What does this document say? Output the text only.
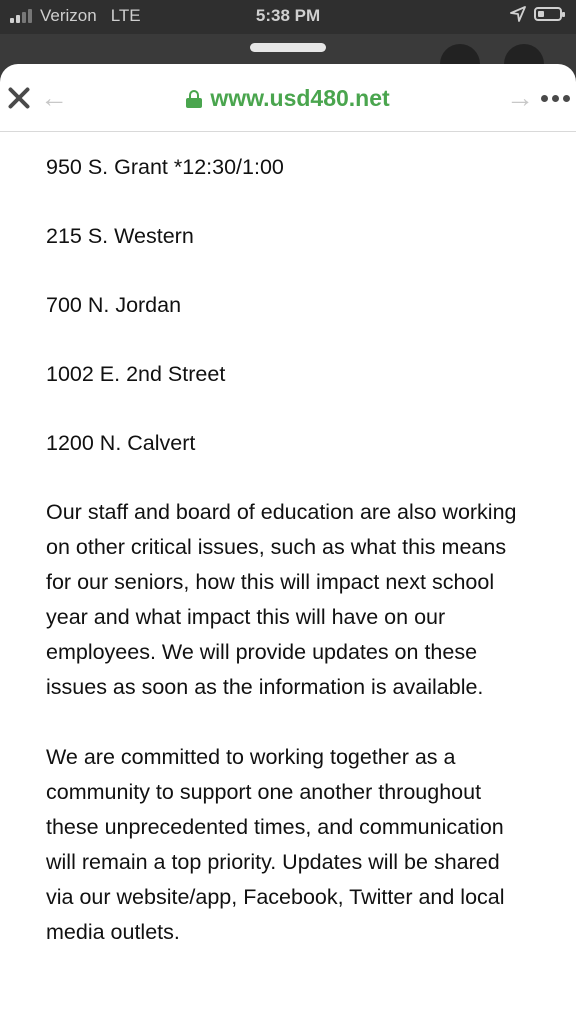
Verizon LTE	5:38 PM
←	www.usd480.net	→

950 S. Grant *12:30/1:00

215 S. Western

700 N. Jordan

1002 E. 2nd Street

1200 N. Calvert

Our staff and board of education are also working on other critical issues, such as what this means for our seniors, how this will impact next school year and what impact this will have on our employees. We will provide updates on these issues as soon as the information is available.

We are committed to working together as a community to support one another throughout these unprecedented times, and communication will remain a top priority. Updates will be shared via our website/app, Facebook, Twitter and local media outlets.
